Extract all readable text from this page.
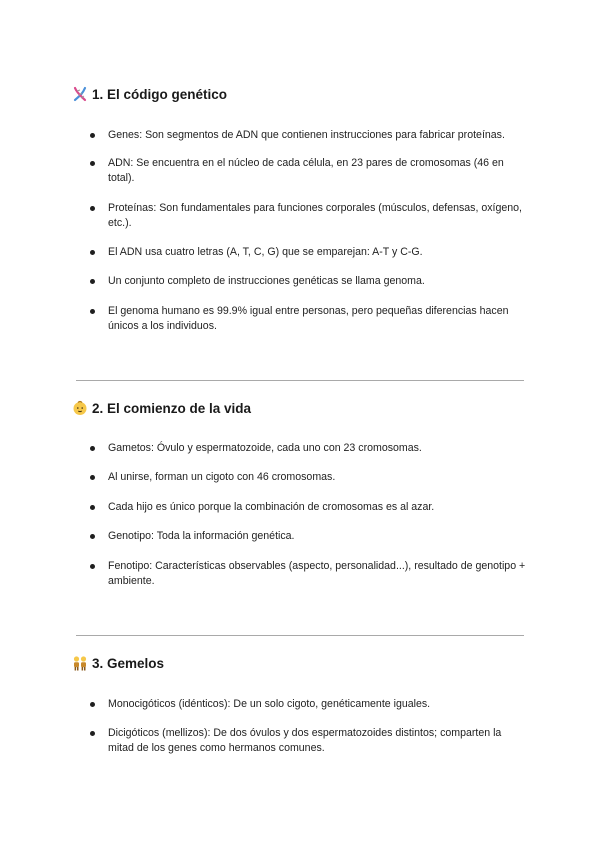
1. El código genético
Genes: Son segmentos de ADN que contienen instrucciones para fabricar proteínas.
ADN: Se encuentra en el núcleo de cada célula, en 23 pares de cromosomas (46 en total).
Proteínas: Son fundamentales para funciones corporales (músculos, defensas, oxígeno, etc.).
El ADN usa cuatro letras (A, T, C, G) que se emparejan: A-T y C-G.
Un conjunto completo de instrucciones genéticas se llama genoma.
El genoma humano es 99.9% igual entre personas, pero pequeñas diferencias hacen únicos a los individuos.
2. El comienzo de la vida
Gametos: Óvulo y espermatozoide, cada uno con 23 cromosomas.
Al unirse, forman un cigoto con 46 cromosomas.
Cada hijo es único porque la combinación de cromosomas es al azar.
Genotipo: Toda la información genética.
Fenotipo: Características observables (aspecto, personalidad...), resultado de genotipo + ambiente.
3. Gemelos
Monocigóticos (idénticos): De un solo cigoto, genéticamente iguales.
Dicigóticos (mellizos): De dos óvulos y dos espermatozoides distintos; comparten la mitad de los genes como hermanos comunes.
